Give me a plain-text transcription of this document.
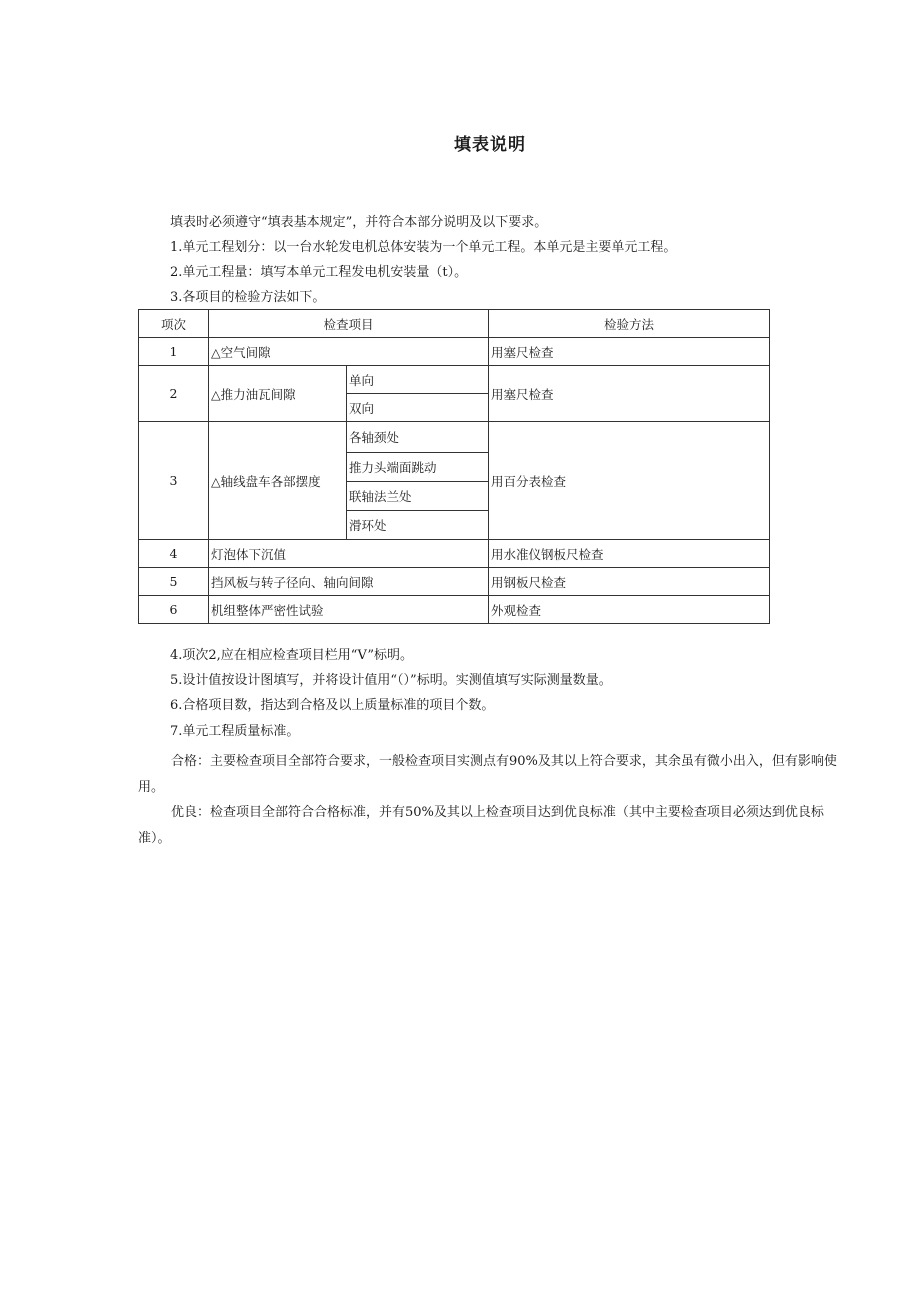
填表说明
填表时必须遵守“填表基本规定”，并符合本部分说明及以下要求。
1.单元工程划分：以一台水轮发电机总体安装为一个单元工程。本单元是主要单元工程。
2.单元工程量：填写本单元工程发电机安装量（t）。
3.各项目的检验方法如下。
项次	检查项目		检验方法
1	△空气间隙		用塞尺检查
2	△推力油瓦间隙	单向	用塞尺检查
		双向	
3	△轴线盘车各部摆度	各轴颈处	用百分表检查
		推力头端面跳动	
		联轴法兰处	
		滑环处	
4	灯泡体下沉值		用水准仪钢板尺检查
5	挡风板与转子径向、轴向间隙		用钢板尺检查
6	机组整体严密性试验		外观检查
4.项次2,应在相应检查项目栏用“V”标明。
5.设计值按设计图填写，并将设计值用“（）”标明。实测值填写实际测量数量。
6.合格项目数，指达到合格及以上质量标准的项目个数。
7.单元工程质量标准。
合格：主要检查项目全部符合要求，一般检查项目实测点有90%及其以上符合要求，其余虽有微小出入，但有影响使用。
优良：检查项目全部符合合格标准，并有50%及其以上检查项目达到优良标准（其中主要检查项目必须达到优良标准）。
